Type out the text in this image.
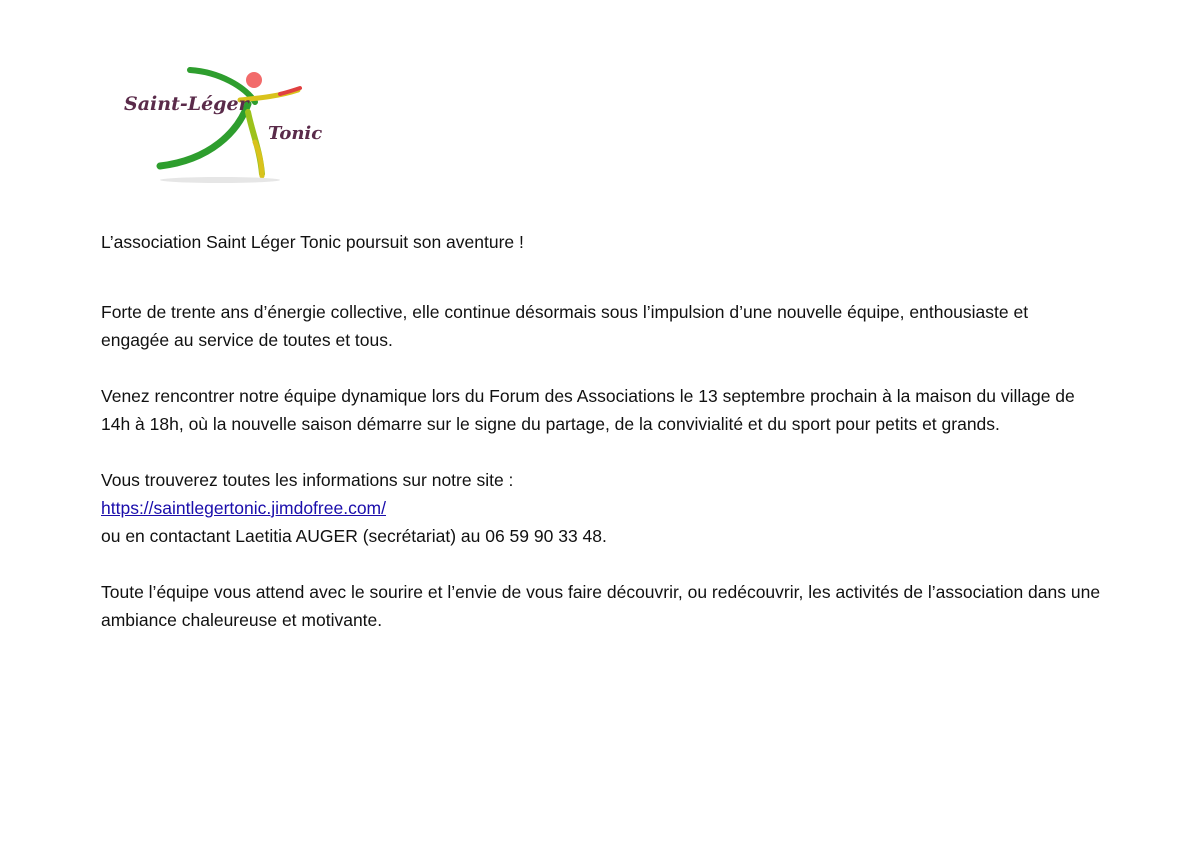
Saint-Léger
Tonic

L’association Saint Léger Tonic poursuit son aventure !

Forte de trente ans d’énergie collective, elle continue désormais sous l’impulsion d’une nouvelle équipe, enthousiaste et engagée au service de toutes et tous.

Venez rencontrer notre équipe dynamique lors du Forum des Associations le 13 septembre prochain à la maison du village de 14h à 18h, où la nouvelle saison démarre sur le signe du partage, de la convivialité et du sport pour petits et grands.

Vous trouverez toutes les informations sur notre site :

https://saintlegertonic.jimdofree.com/

ou en contactant Laetitia AUGER (secrétariat) au 06 59 90 33 48.

Toute l’équipe vous attend avec le sourire et l’envie de vous faire découvrir, ou redécouvrir, les activités de l’association dans une ambiance chaleureuse et motivante.
